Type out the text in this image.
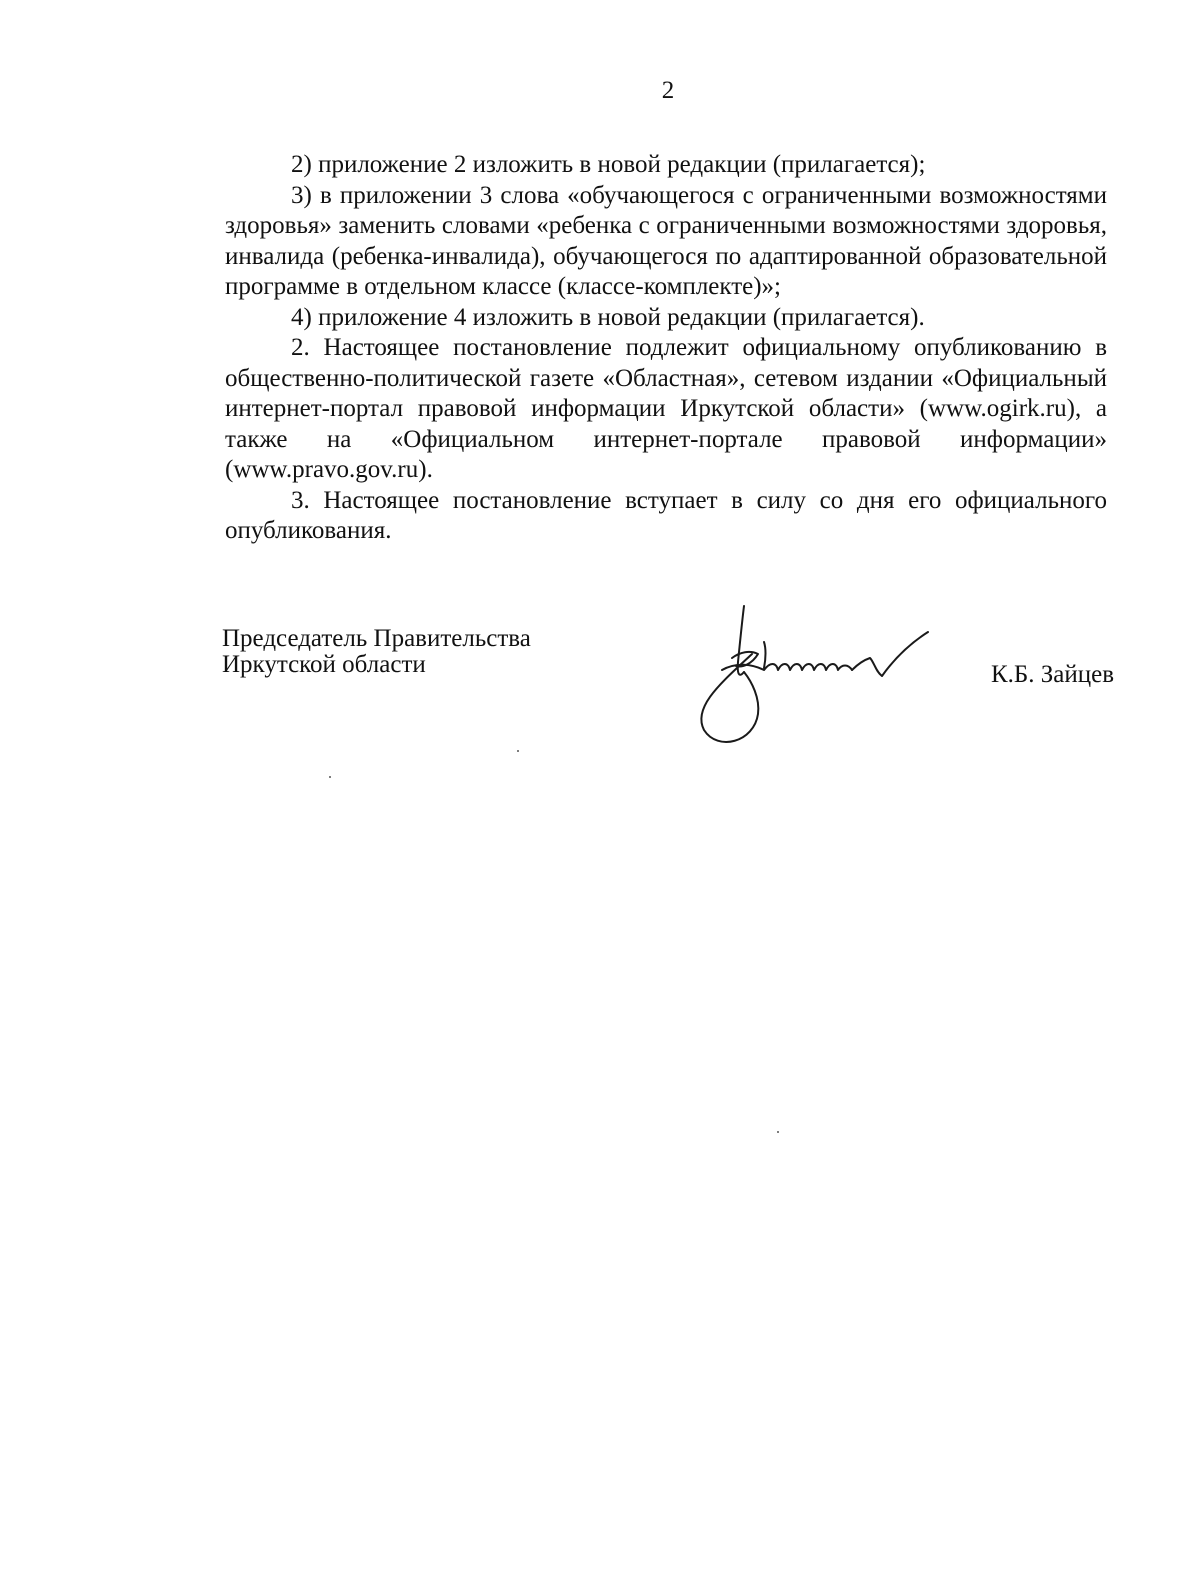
2

2) приложение 2 изложить в новой редакции (прилагается);

3) в приложении 3 слова «обучающегося с ограниченными возможностями здоровья» заменить словами «ребенка с ограниченными возможностями здоровья, инвалида (ребенка-инвалида), обучающегося по адаптированной образовательной программе в отдельном классе (классе-комплекте)»;

4) приложение 4 изложить в новой редакции (прилагается).

2. Настоящее постановление подлежит официальному опубликованию в общественно-политической газете «Областная», сетевом издании «Официальный интернет-портал правовой информации Иркутской области» (www.ogirk.ru), а также на «Официальном интернет-портале правовой информации» (www.pravo.gov.ru).

3. Настоящее постановление вступает в силу со дня его официального опубликования.

Председатель Правительства
Иркутской области	К.Б. Зайцев
